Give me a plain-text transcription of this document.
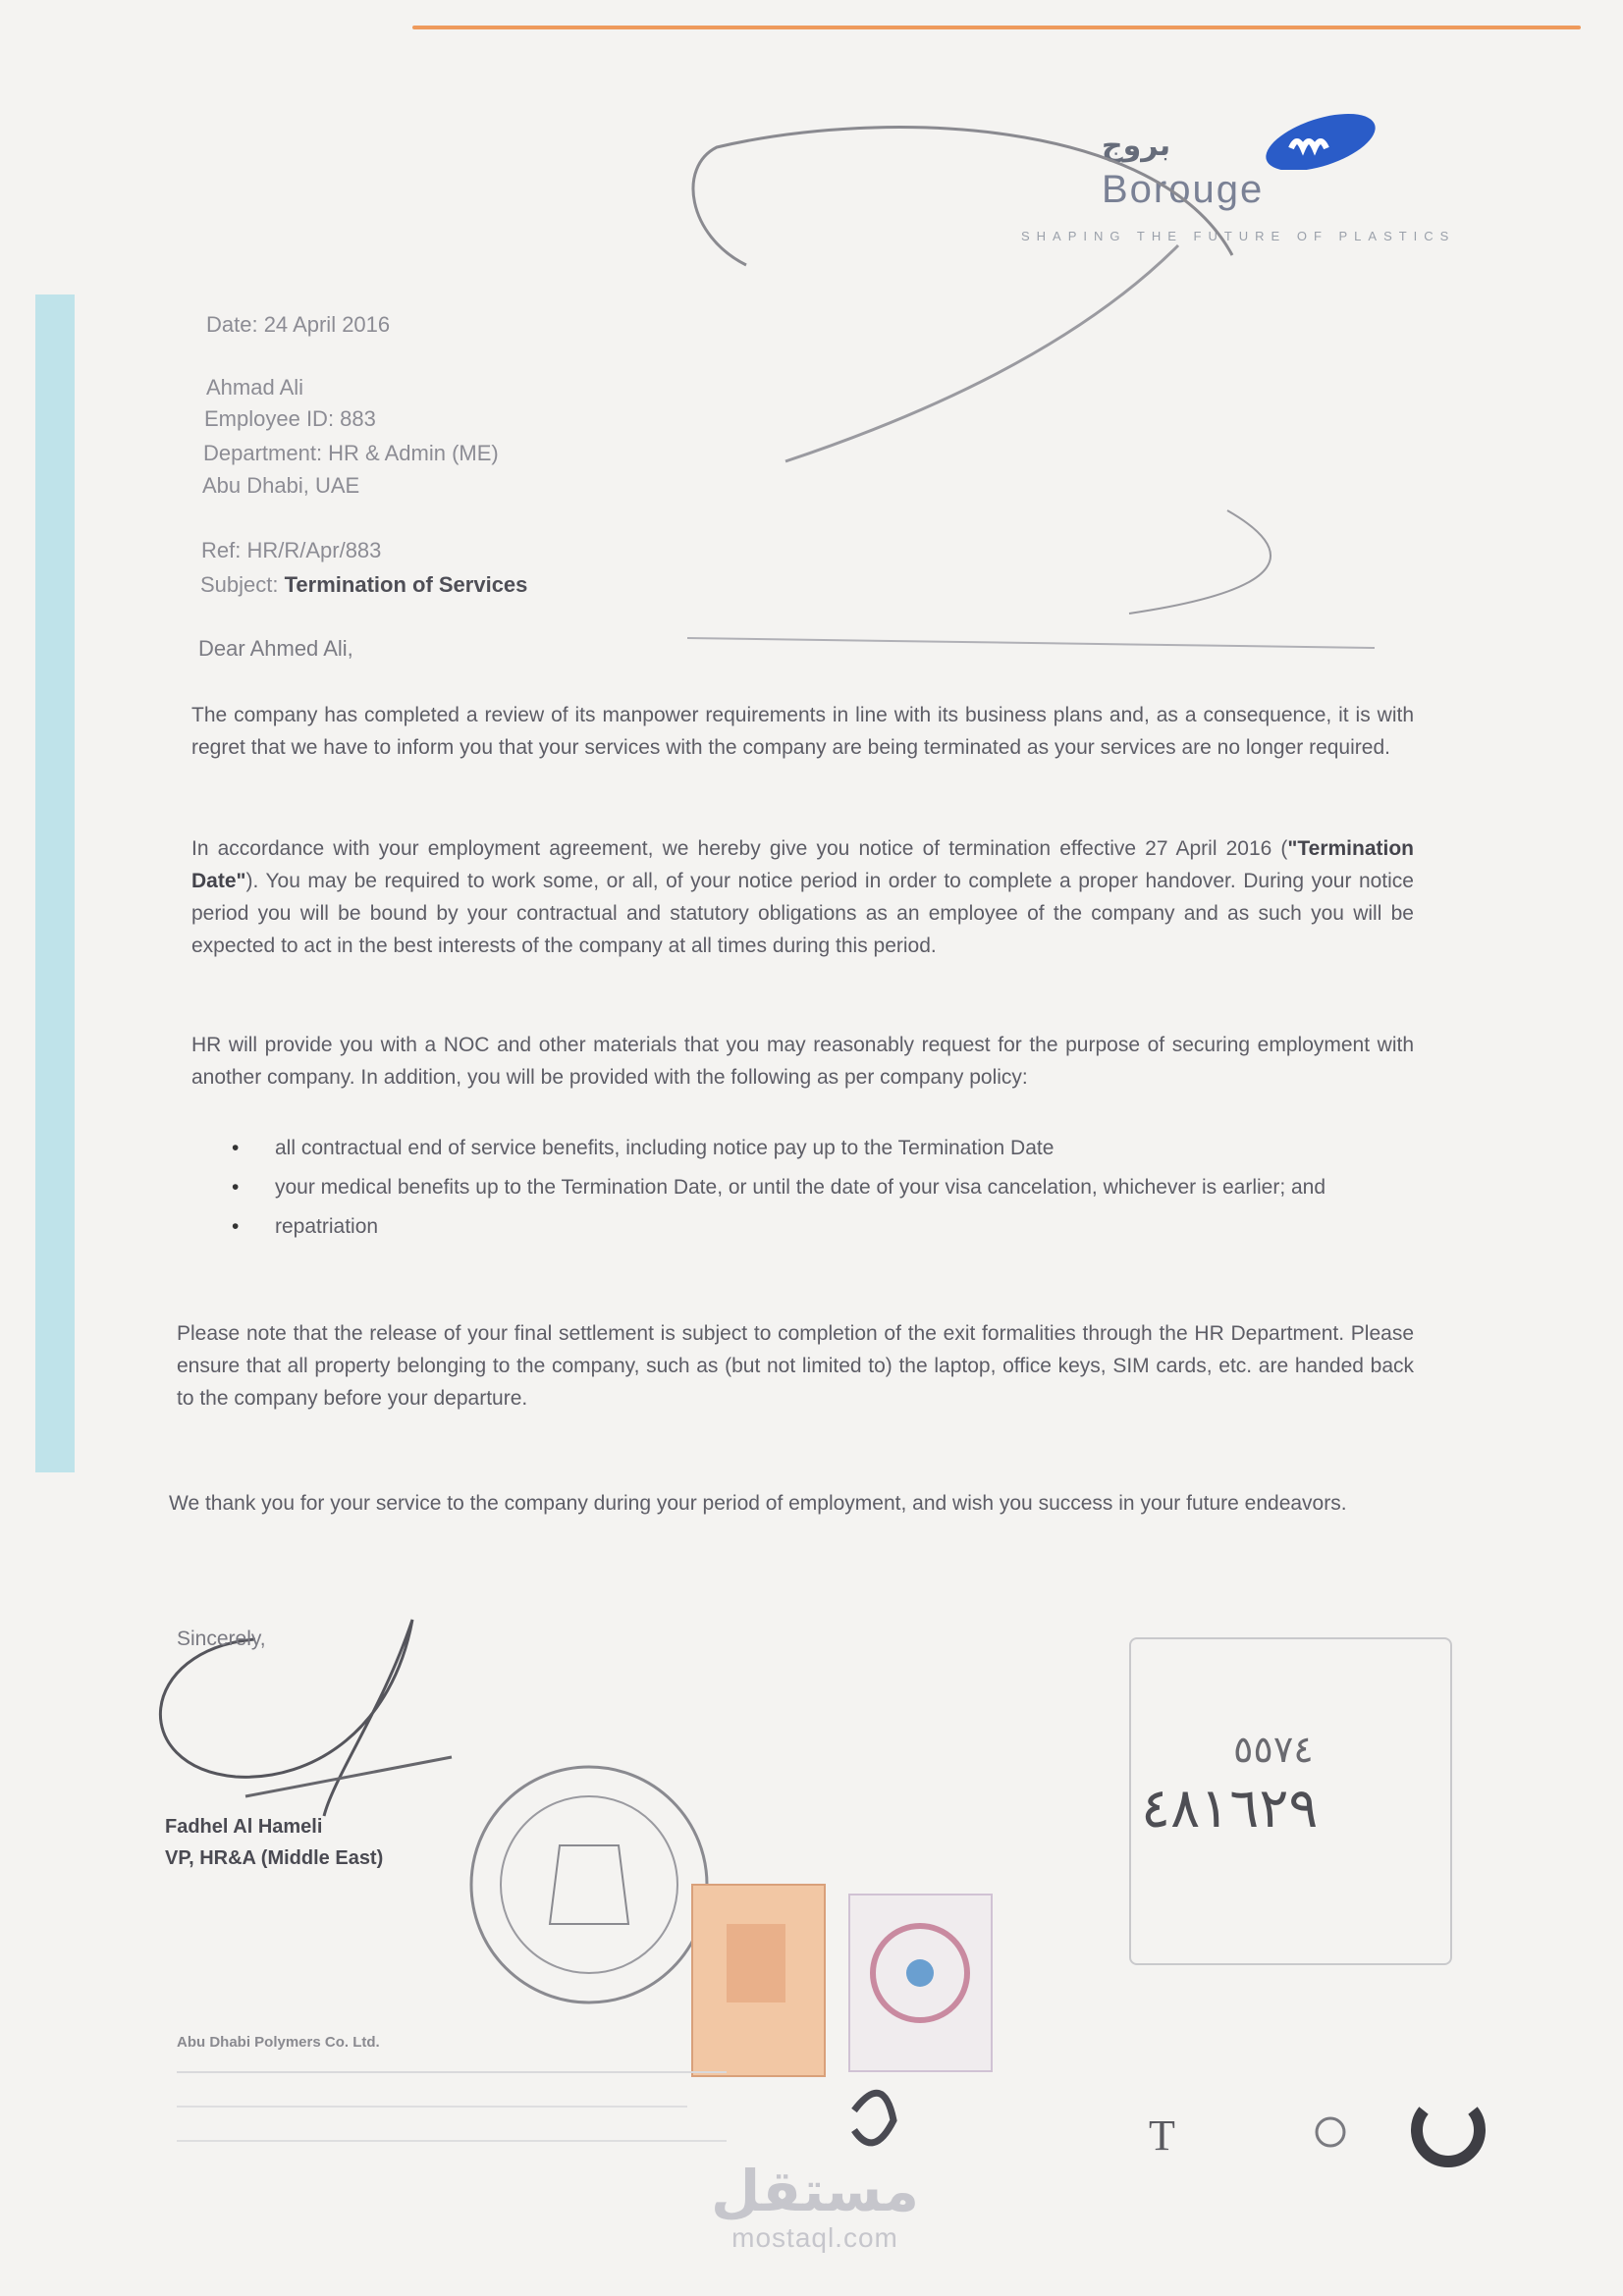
بروج
Borouge
SHAPING THE FUTURE OF PLASTICS
T
Date: 24 April 2016
Ahmad Ali
Employee ID: 883
Department: HR & Admin (ME)
Abu Dhabi, UAE
Ref: HR/R/Apr/883
Subject: Termination of Services
Dear Ahmed Ali,
The company has completed a review of its manpower requirements in line with its business plans and, as a consequence, it is with regret that we have to inform you that your services with the company are being terminated as your services are no longer required.
In accordance with your employment agreement, we hereby give you notice of termination effective 27 April 2016 ("Termination Date"). You may be required to work some, or all, of your notice period in order to complete a proper handover. During your notice period you will be bound by your contractual and statutory obligations as an employee of the company and as such you will be expected to act in the best interests of the company at all times during this period.
HR will provide you with a NOC and other materials that you may reasonably request for the purpose of securing employment with another company. In addition, you will be provided with the following as per company policy:
• all contractual end of service benefits, including notice pay up to the Termination Date
• your medical benefits up to the Termination Date, or until the date of your visa cancelation, whichever is earlier; and
• repatriation
Please note that the release of your final settlement is subject to completion of the exit formalities through the HR Department. Please ensure that all property belonging to the company, such as (but not limited to) the laptop, office keys, SIM cards, etc. are handed back to the company before your departure.
We thank you for your service to the company during your period of employment, and wish you success in your future endeavors.
Sincerely,
Fadhel Al Hameli
VP, HR&A (Middle East)
٥٥٧٤
٤٨١٦٢٩
Abu Dhabi Polymers Co. Ltd.
مستقل
mostaql.com
